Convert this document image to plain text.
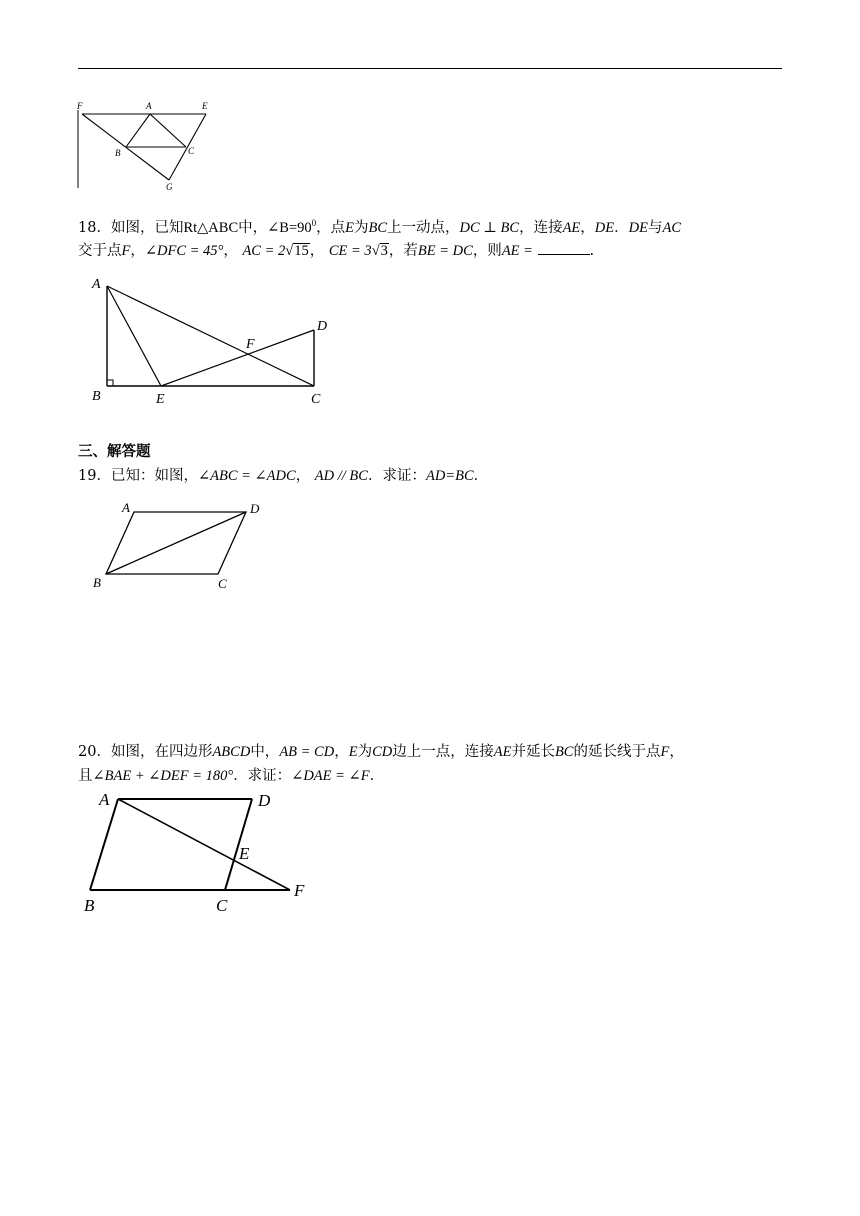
F	A	E
B	C
G
18．如图，已知Rt△ABC中，$\angle B=90^0$，点E为BC上一动点，DC ⊥ BC，连接AE，DE．DE与AC
交于点F，∠DFC = 45°， AC = 2√15， CE = 3√3，若BE = DC，则AE =	.
A
B	E	C
D
F
三、解答题
19．已知：如图，∠ABC = ∠ADC， AD // BC．求证：AD=BC．
A	D
B	C
20．如图，在四边形ABCD中，AB = CD，E为CD边上一点，连接AE并延长BC的延长线于点F，
且∠BAE + ∠DEF = 180°．求证：∠DAE = ∠F．
A	D
E
B	C
F
